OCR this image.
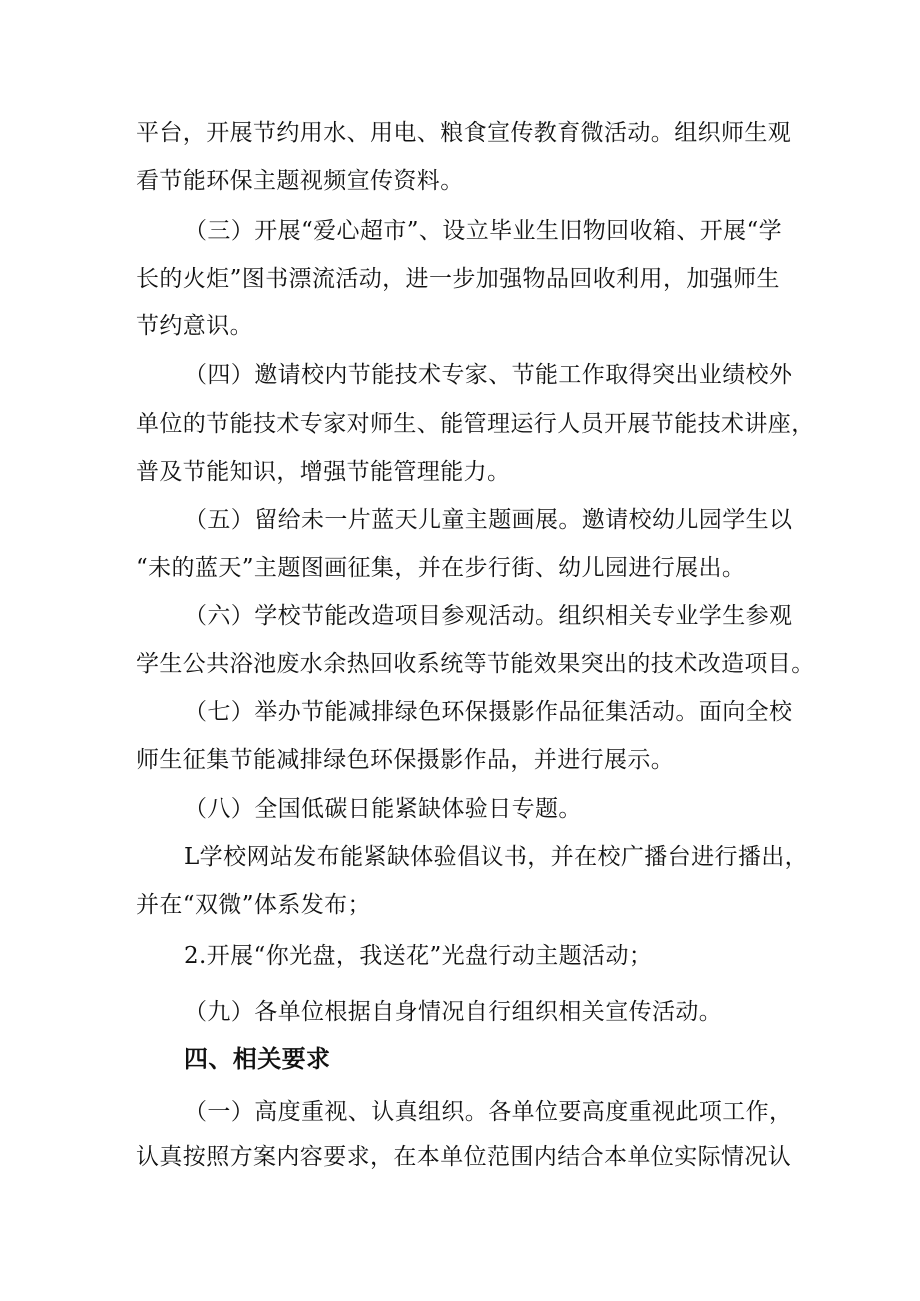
平台，开展节约用水、用电、粮食宣传教育微活动。组织师生观
看节能环保主题视频宣传资料。
（三）开展“爱心超市”、设立毕业生旧物回收箱、开展“学
长的火炬”图书漂流活动，进一步加强物品回收利用，加强师生
节约意识。
（四）邀请校内节能技术专家、节能工作取得突出业绩校外
单位的节能技术专家对师生、能管理运行人员开展节能技术讲座，
普及节能知识，增强节能管理能力。
（五）留给未一片蓝天儿童主题画展。邀请校幼儿园学生以
“未的蓝天”主题图画征集，并在步行街、幼儿园进行展出。
（六）学校节能改造项目参观活动。组织相关专业学生参观
学生公共浴池废水余热回收系统等节能效果突出的技术改造项目。
（七）举办节能减排绿色环保摄影作品征集活动。面向全校
师生征集节能减排绿色环保摄影作品，并进行展示。
（八）全国低碳日能紧缺体验日专题。
L学校网站发布能紧缺体验倡议书，并在校广播台进行播出，
并在“双微”体系发布；
2.开展“你光盘，我送花”光盘行动主题活动；
（九）各单位根据自身情况自行组织相关宣传活动。
四、相关要求
（一）高度重视、认真组织。各单位要高度重视此项工作，
认真按照方案内容要求，在本单位范围内结合本单位实际情况认
